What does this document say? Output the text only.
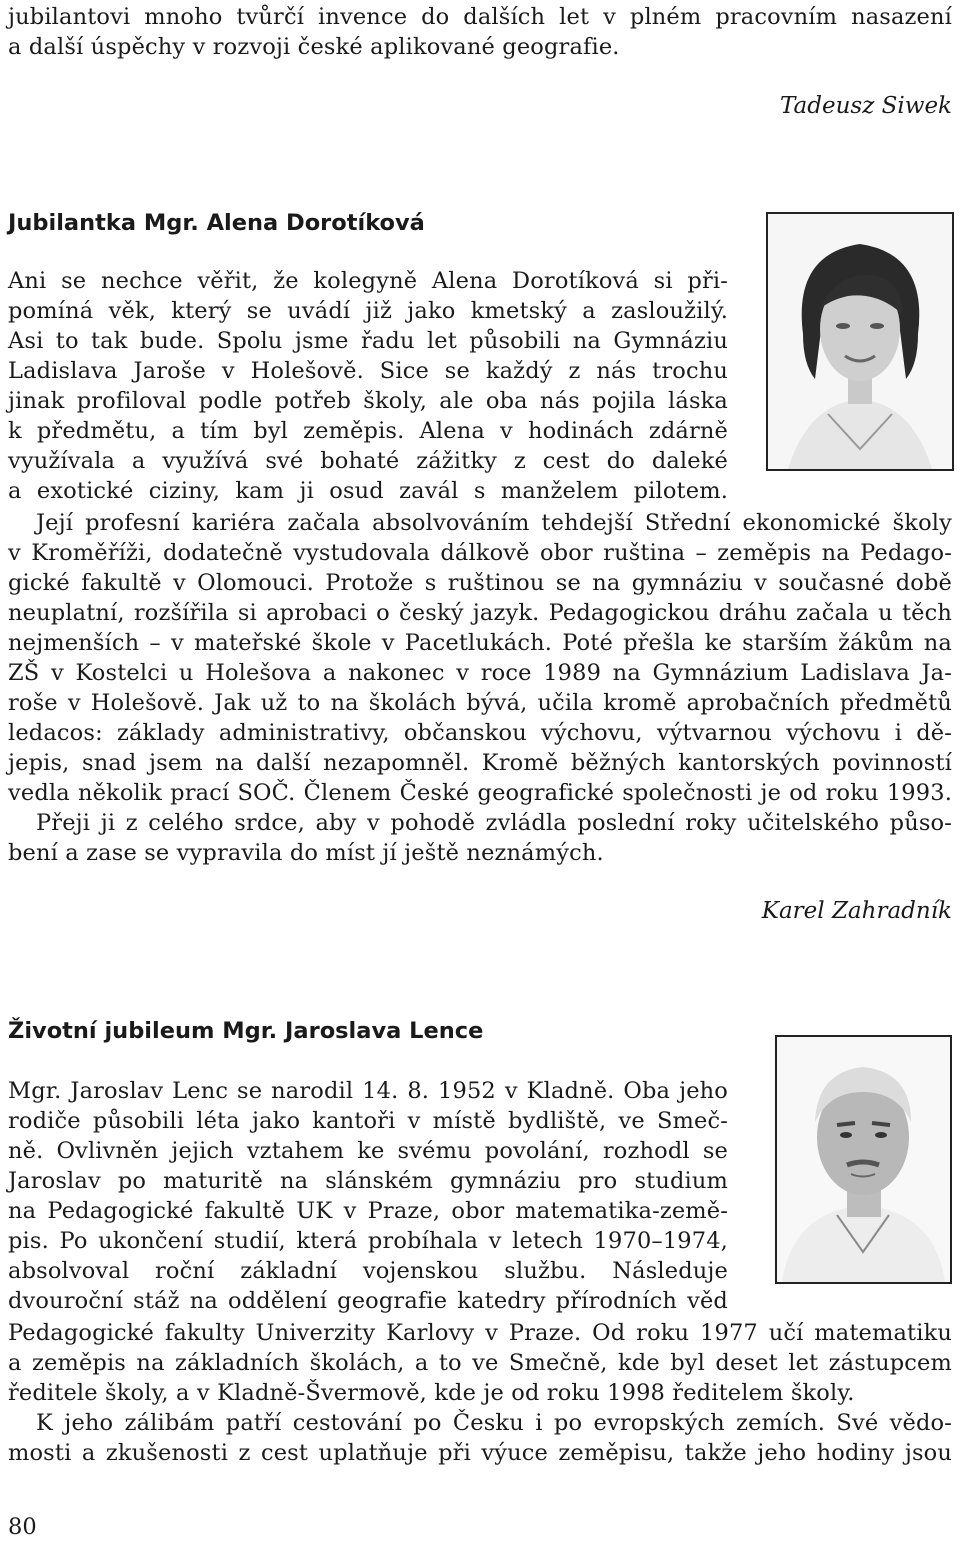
jubilantovi mnoho tvůrčí invence do dalších let v plném pracovním nasazení

a další úspěchy v rozvoji české aplikované geografie.

Tadeusz Siwek

Jubilantka Mgr. Alena Dorotíková

Ani se nechce věřit, že kolegyně Alena Dorotíková si při-

pomíná věk, který se uvádí již jako kmetský a zasloužilý.

Asi to tak bude. Spolu jsme řadu let působili na Gymnáziu

Ladislava Jaroše v Holešově. Sice se každý z nás trochu

jinak profiloval podle potřeb školy, ale oba nás pojila láska

k předmětu, a tím byl zeměpis. Alena v hodinách zdárně

využívala a využívá své bohaté zážitky z cest do daleké

a exotické ciziny, kam ji osud zavál s manželem pilotem.

Její profesní kariéra začala absolvováním tehdejší Střední ekonomické školy

v Kroměříži, dodatečně vystudovala dálkově obor ruština – zeměpis na Pedago-

gické fakultě v Olomouci. Protože s ruštinou se na gymnáziu v současné době

neuplatní, rozšířila si aprobaci o český jazyk. Pedagogickou dráhu začala u těch

nejmenších – v mateřské škole v Pacetlukách. Poté přešla ke starším žákům na

ZŠ v Kostelci u Holešova a nakonec v roce 1989 na Gymnázium Ladislava Ja-

roše v Holešově. Jak už to na školách bývá, učila kromě aprobačních předmětů

ledacos: základy administrativy, občanskou výchovu, výtvarnou výchovu i dě-

jepis, snad jsem na další nezapomněl. Kromě běžných kantorských povinností

vedla několik prací SOČ. Členem České geografické společnosti je od roku 1993.

Přeji ji z celého srdce, aby v pohodě zvládla poslední roky učitelského půso-

bení a zase se vypravila do míst jí ještě neznámých.

Karel Zahradník

Životní jubileum Mgr. Jaroslava Lence

Mgr. Jaroslav Lenc se narodil 14. 8. 1952 v Kladně. Oba jeho

rodiče působili léta jako kantoři v místě bydliště, ve Smeč-

ně. Ovlivněn jejich vztahem ke svému povolání, rozhodl se

Jaroslav po maturitě na slánském gymnáziu pro studium

na Pedagogické fakultě UK v Praze, obor matematika-země-

pis. Po ukončení studií, která probíhala v letech 1970–1974,

absolvoval roční základní vojenskou službu. Následuje

dvouroční stáž na oddělení geografie katedry přírodních věd

Pedagogické fakulty Univerzity Karlovy v Praze. Od roku 1977 učí matematiku

a zeměpis na základních školách, a to ve Smečně, kde byl deset let zástupcem

ředitele školy, a v Kladně-Švermově, kde je od roku 1998 ředitelem školy.

K jeho zálibám patří cestování po Česku i po evropských zemích. Své vědo-

mosti a zkušenosti z cest uplatňuje při výuce zeměpisu, takže jeho hodiny jsou

80
